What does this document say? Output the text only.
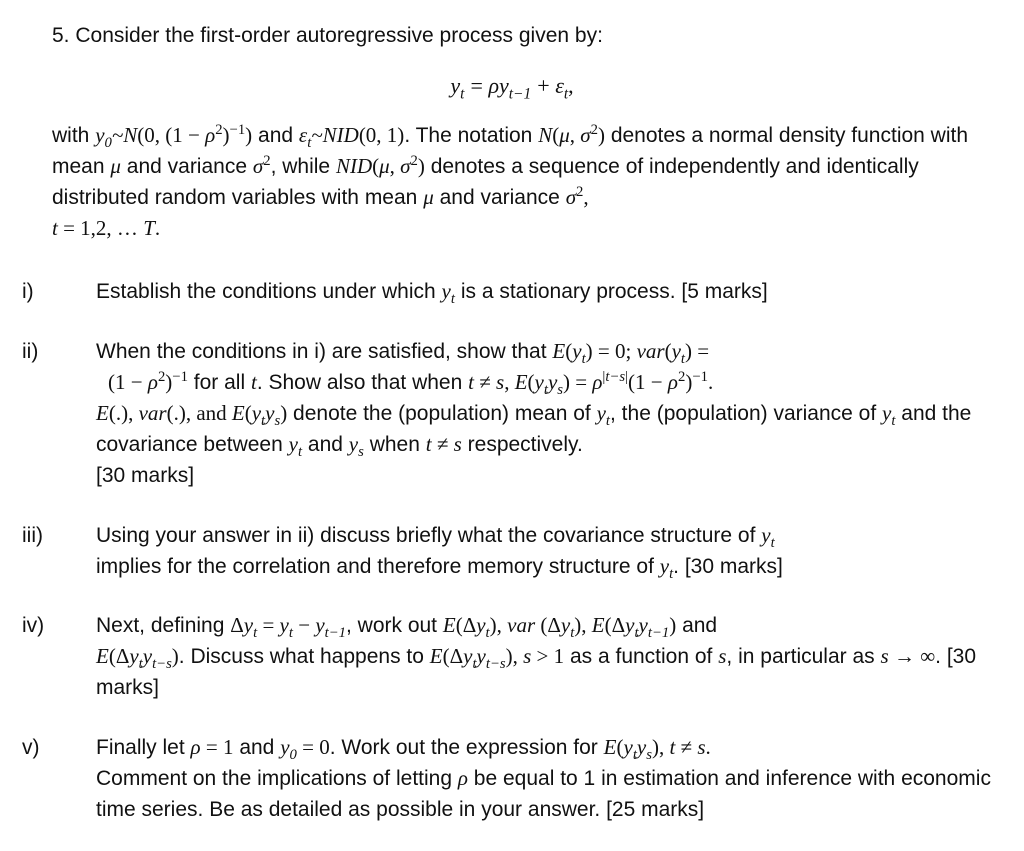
5. Consider the first-order autoregressive process given by:
$y_t = \rho y_{t-1} + \varepsilon_t$,
with $y_0\sim N(0$, $(1 - \rho^2)^{-1}$) and $\varepsilon_t\sim NID(0$, 1). The notation N(μ, $\sigma^2$) denotes a normal density function with mean μ and variance $\sigma^2$, while NID(μ, $\sigma^2$) denotes a sequence of independently and identically distributed random variables with mean μ and variance $\sigma^2$,
t = 1,2, … T.
i)	Establish the conditions under which $y_t$ is a stationary process. [5 marks]
ii)	When the conditions in i) are satisfied, show that $E(y_t) = 0$; $var(y_t)$ =
$(1 - \rho^2)^{-1}$ for all t. Show also that when t ≠ s, $E(y_ty_s) = \rho^{|t-s|}(1 - \rho^2)^{-1}$.
E(.), var(.), and $E(y_ty_s)$ denote the (population) mean of $y_t$, the (population) variance of $y_t$ and the covariance between $y_t$ and $y_s$ when t ≠ s respectively.
[30 marks]
iii)	Using your answer in ii) discuss briefly what the covariance structure of $y_t$
implies for the correlation and therefore memory structure of $y_t$. [30 marks]
iv) Next, defining $\Delta y_t = y_t - y_{t-1}$, work out $E(\Delta y_t)$, var $(\Delta y_t)$, $E(\Delta y_ty_{t-1})$ and
$E(\Delta y_ty_{t-s})$. Discuss what happens to $E(\Delta y_ty_{t-s})$, s > 1 as a function of s, in particular as s → ∞. [30 marks]
v)	Finally let ρ = 1 and $y_0 = 0$. Work out the expression for $E(y_ty_s)$, t ≠ s.
Comment on the implications of letting ρ be equal to 1 in estimation and inference with economic time series. Be as detailed as possible in your answer. [25 marks]
